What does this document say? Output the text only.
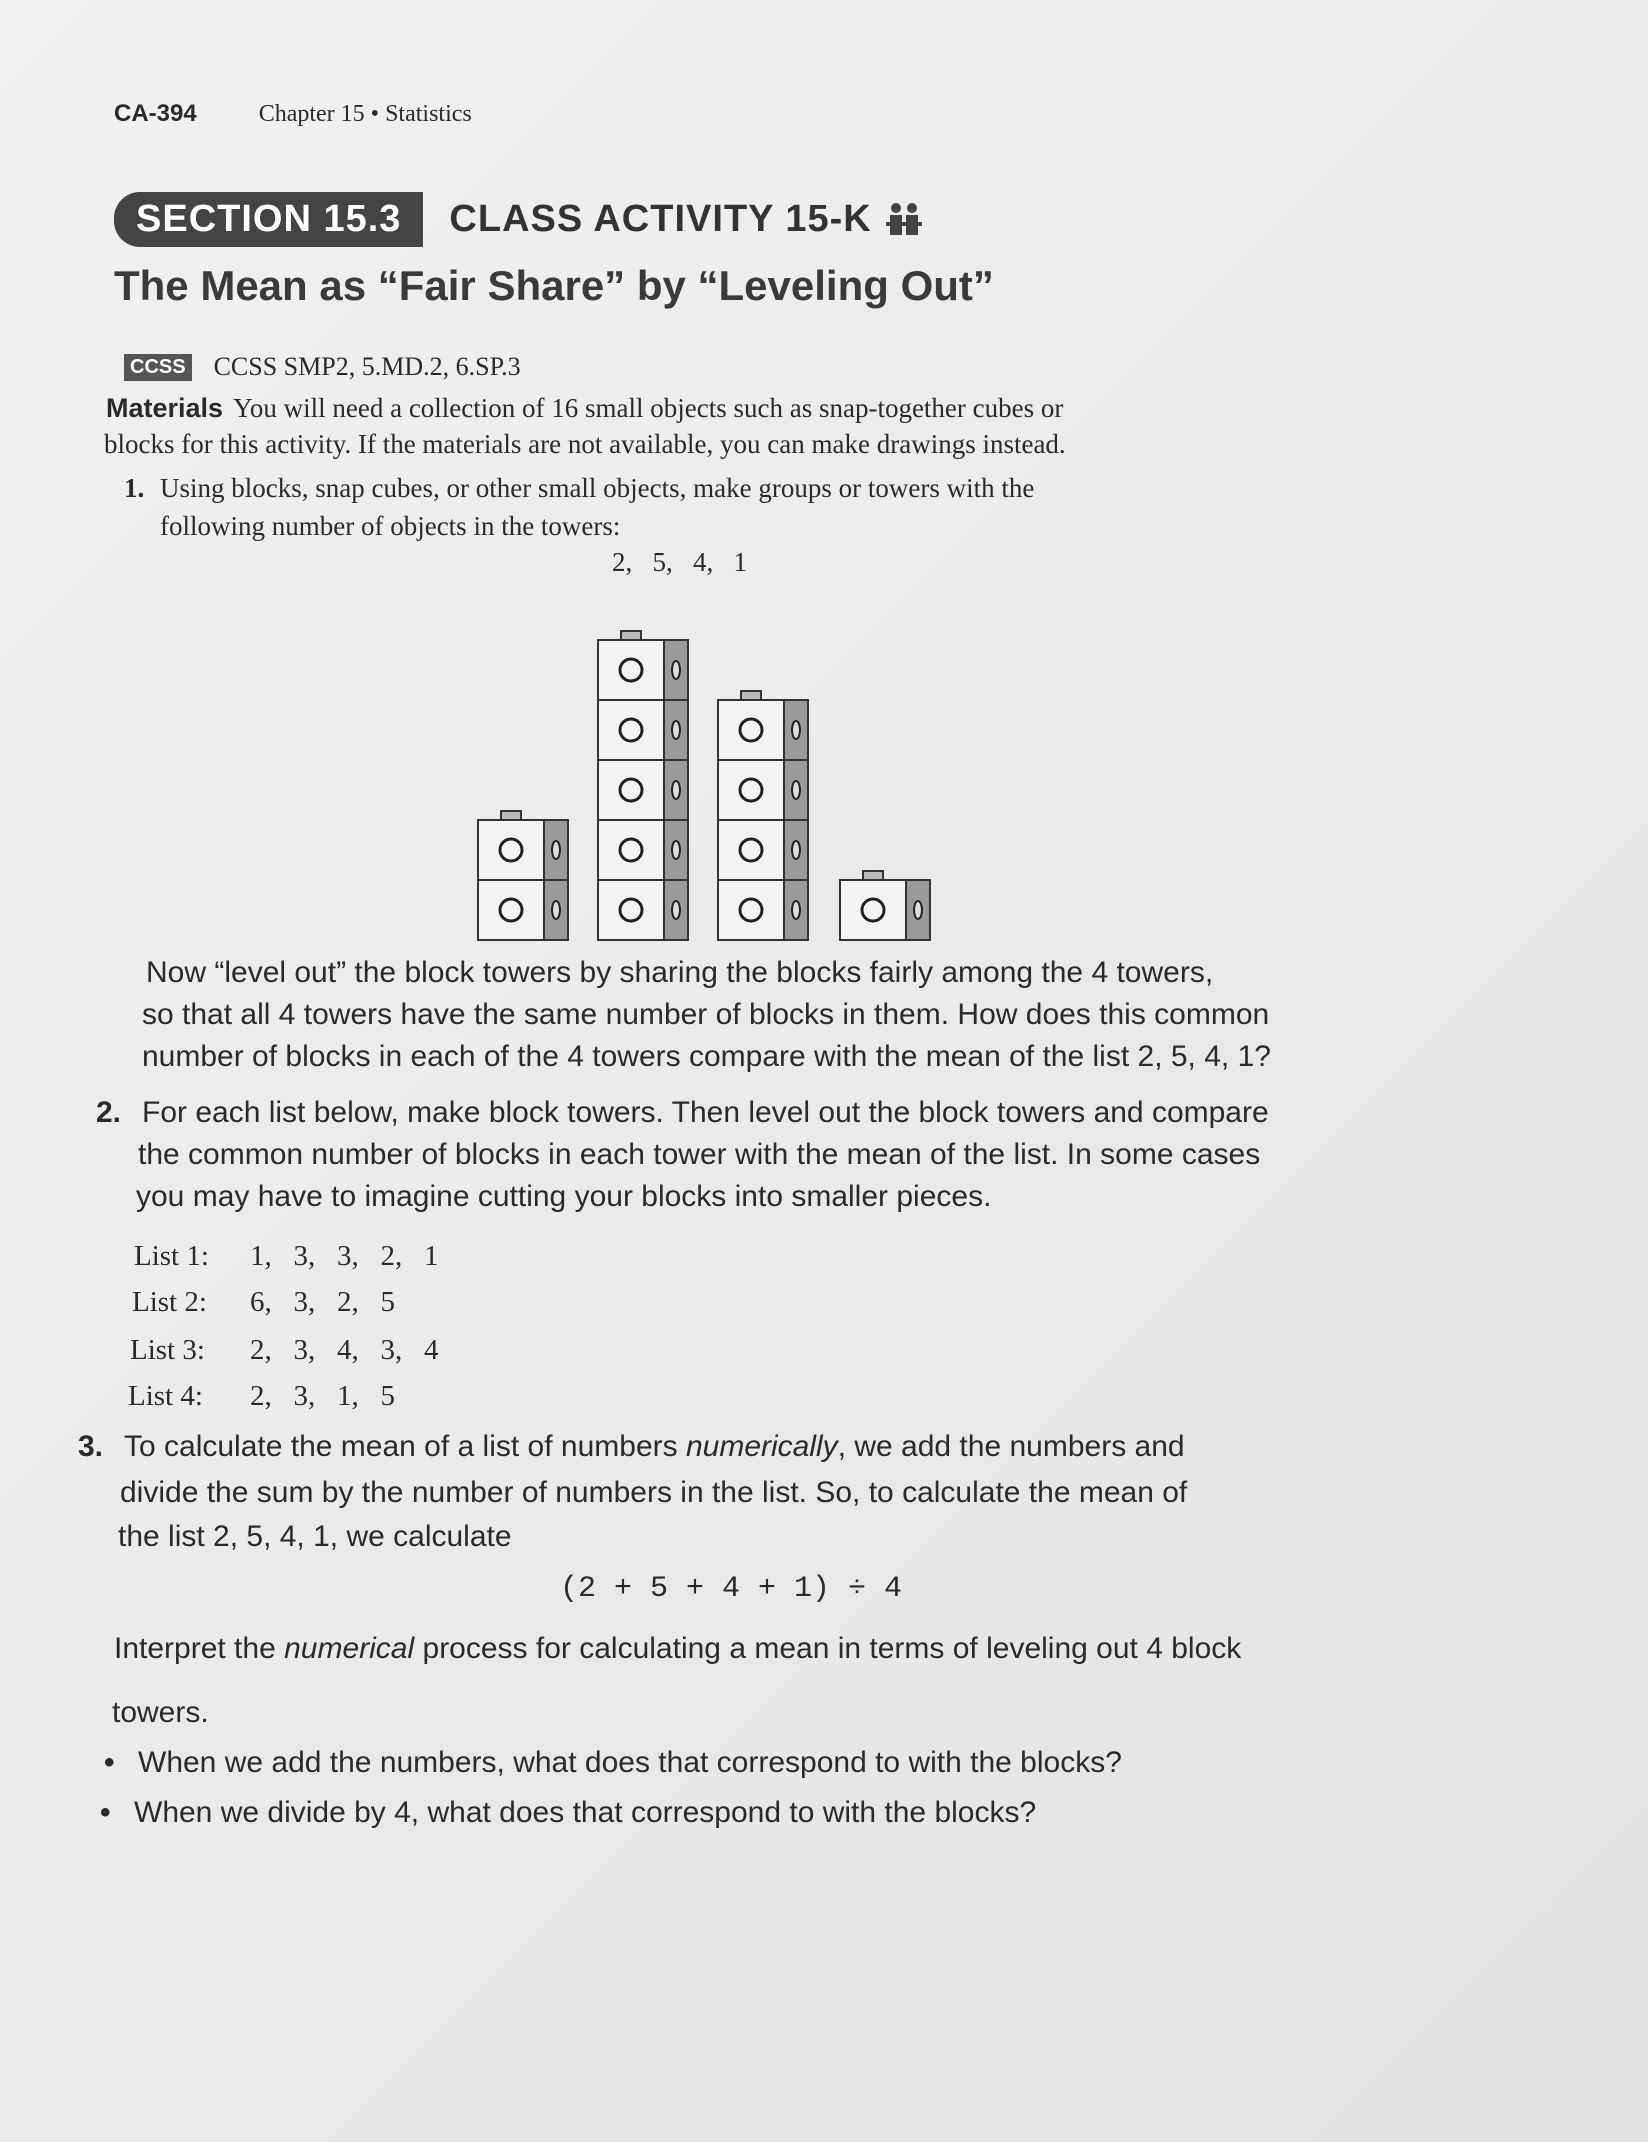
CA-394	Chapter 15 • Statistics
SECTION 15.3	CLASS ACTIVITY 15-K
The Mean as “Fair Share” by “Leveling Out”
CCSS CCSS SMP2, 5.MD.2, 6.SP.3
Materials You will need a collection of 16 small objects such as snap-together cubes or
blocks for this activity. If the materials are not available, you can make drawings instead.
1. Using blocks, snap cubes, or other small objects, make groups or towers with the
following number of objects in the towers:
2,   5,   4,   1
Now “level out” the block towers by sharing the blocks fairly among the 4 towers,
so that all 4 towers have the same number of blocks in them. How does this common
number of blocks in each of the 4 towers compare with the mean of the list 2, 5, 4, 1?
2. For each list below, make block towers. Then level out the block towers and compare
the common number of blocks in each tower with the mean of the list. In some cases
you may have to imagine cutting your blocks into smaller pieces.
List 1: 1,   3,   3,   2,   1
List 2: 6,   3,   2,   5
List 3: 2,   3,   4,   3,   4
List 4: 2,   3,   1,   5
3. To calculate the mean of a list of numbers numerically, we add the numbers and
divide the sum by the number of numbers in the list. So, to calculate the mean of
the list 2, 5, 4, 1, we calculate
(2 + 5 + 4 + 1) ÷ 4
Interpret the numerical process for calculating a mean in terms of leveling out 4 block
towers.
• When we add the numbers, what does that correspond to with the blocks?
• When we divide by 4, what does that correspond to with the blocks?
